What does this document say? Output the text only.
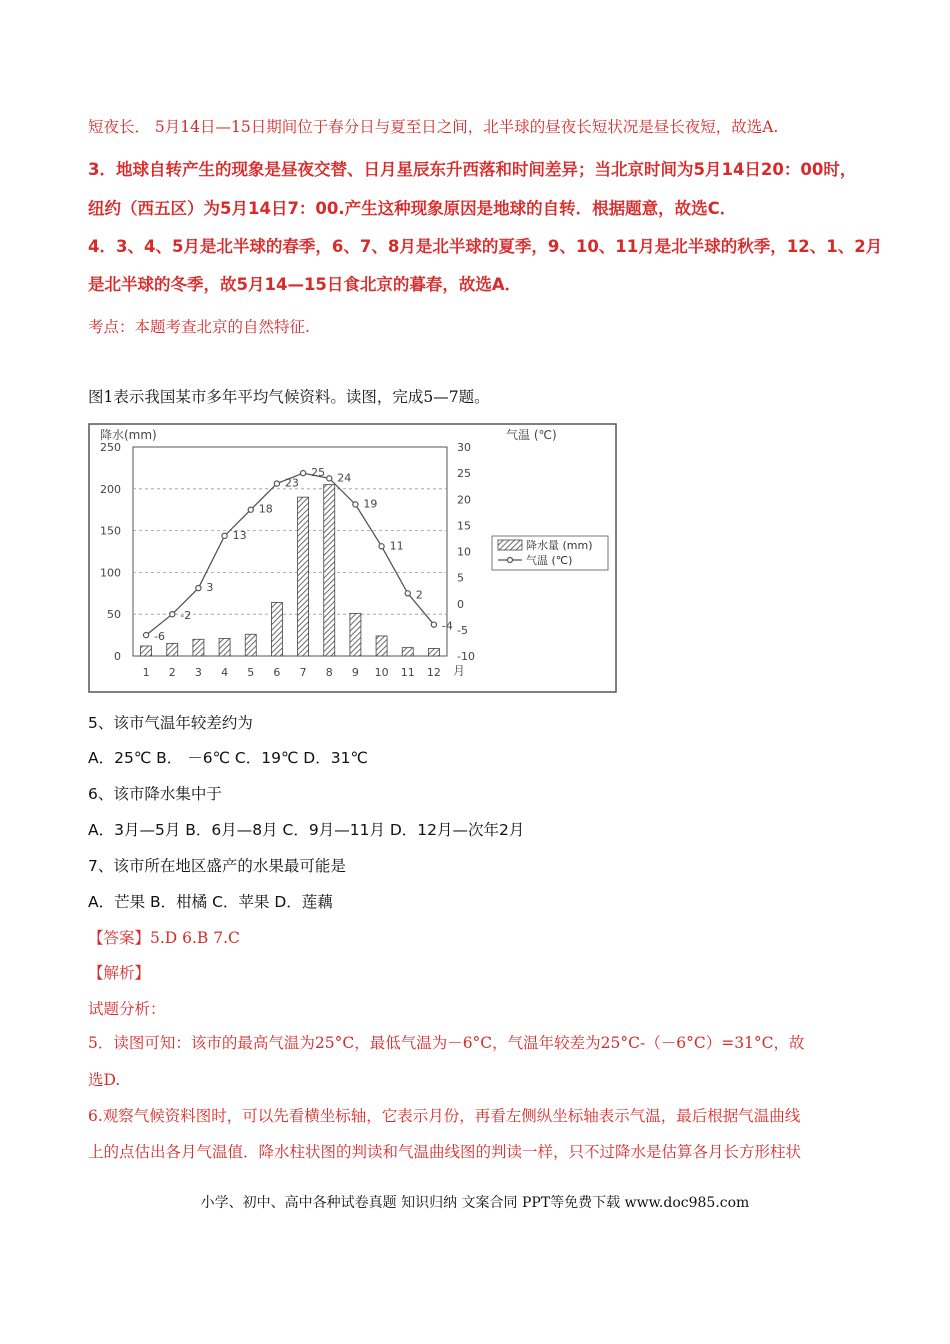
短夜长． 5月14日—15日期间位于春分日与夏至日之间，北半球的昼夜长短状况是昼长夜短，故选A.
3．地球自转产生的现象是昼夜交替、日月星辰东升西落和时间差异；当北京时间为5月14日20：00时，
纽约（西五区）为5月14日7：00.产生这种现象原因是地球的自转．根据题意，故选C．
4．3、4、5月是北半球的春季，6、7、8月是北半球的夏季，9、10、11月是北半球的秋季，12、1、2月
是北半球的冬季，故5月14—15日食北京的暮春，故选A．
考点：本题考查北京的自然特征.
图1表示我国某市多年平均气候资料。读图，完成5—7题。
降水(mm)	气温 (℃)
0
50
100
150
200
250
-10
-5
0
5
10
15
20
25
30
-6
-2
3
13
18
23
25 24
19
11
2
-4
1 2 3 4 5 6 7 8 9 10 11 12 月
降水量 (mm)
气温 (℃)
5、该市气温年较差约为
A．25℃ B． －6℃ C．19℃ D．31℃
6、该市降水集中于
A．3月—5月 B．6月—8月 C．9月—11月 D．12月—次年2月
7、该市所在地区盛产的水果最可能是
A．芒果 B．柑橘 C．苹果 D．莲藕
【答案】5.D 6.B 7.C
【解析】
试题分析：
5．读图可知：该市的最高气温为25°C，最低气温为－6°C，气温年较差为25°C-（－6°C）=31°C，故
选D.
6.观察气候资料图时，可以先看横坐标轴，它表示月份，再看左侧纵坐标轴表示气温，最后根据气温曲线
上的点估出各月气温值．降水柱状图的判读和气温曲线图的判读一样，只不过降水是估算各月长方形柱状
小学、初中、高中各种试卷真题 知识归纳 文案合同 PPT等免费下载 www.doc985.com
